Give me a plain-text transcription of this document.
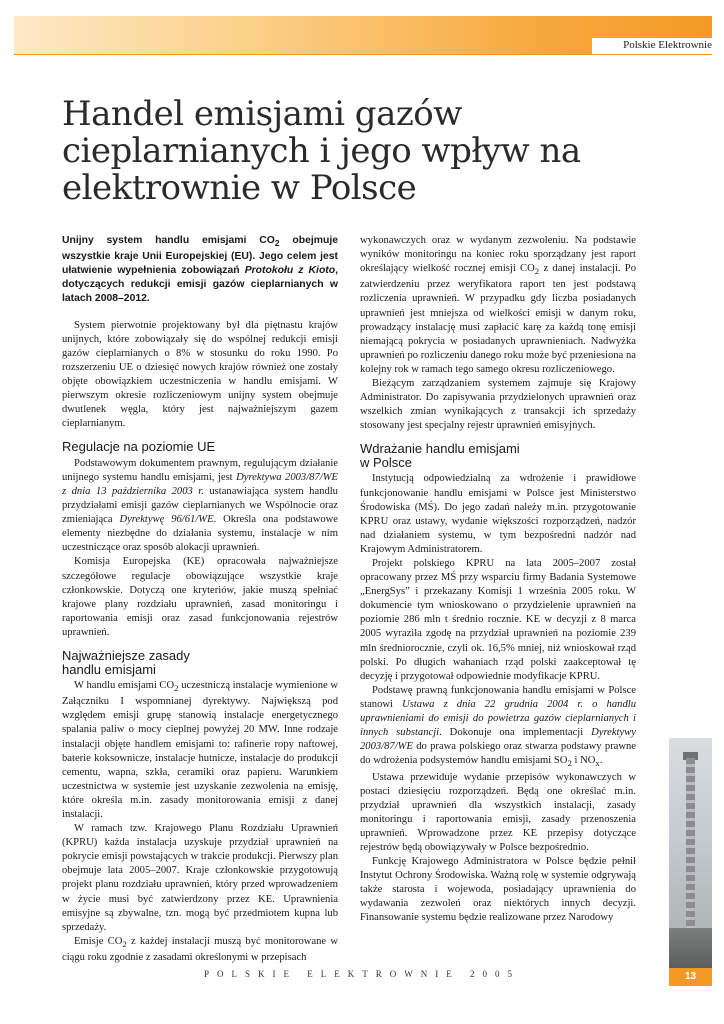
Polskie Elektrownie
Handel emisjami gazów cieplarnianych i jego wpływ na elektrownie w Polsce
Unijny system handlu emisjami $CO_2$ obejmuje wszystkie kraje Unii Europejskiej (EU). Jego celem jest ułatwienie wypełnienia zobowiązań Protokołu z Kioto, dotyczących redukcji emisji gazów cieplarnianych w latach 2008–2012.

System pierwotnie projektowany był dla piętnastu krajów unijnych, które zobowiązały się do wspólnej redukcji emisji gazów cieplarnianych o 8% w stosunku do roku 1990. Po rozszerzeniu UE o dziesięć nowych krajów również one zostały objęte obowiązkiem uczestniczenia w handlu emisjami. W pierwszym okresie rozliczeniowym unijny system obejmuje dwutlenek węgla, który jest najważniejszym gazem cieplarnianym.

Regulacje na poziomie UE

Podstawowym dokumentem prawnym, regulującym działanie unijnego systemu handlu emisjami, jest Dyrektywa 2003/87/WE z dnia 13 października 2003 r. ustanawiająca system handlu przydziałami emisji gazów cieplarnianych we Wspólnocie oraz zmieniająca Dyrektywę 96/61/WE. Określa ona podstawowe elementy niezbędne do działania systemu, instalacje w nim uczestniczące oraz sposób alokacji uprawnień.

Komisja Europejska (KE) opracowała najważniejsze szczegółowe regulacje obowiązujące wszystkie kraje członkowskie. Dotyczą one kryteriów, jakie muszą spełniać krajowe plany rozdziału uprawnień, zasad monitoringu i raportowania emisji oraz zasad funkcjonowania rejestrów uprawnień.

Najważniejsze zasady
handlu emisjami

W handlu emisjami $CO_2$ uczestniczą instalacje wymienione w Załączniku I wspomnianej dyrektywy. Największą pod względem emisji grupę stanowią instalacje energetycznego spalania paliw o mocy cieplnej powyżej 20 MW. Inne rodzaje instalacji objęte handlem emisjami to: rafinerie ropy naftowej, baterie koksownicze, instalacje hutnicze, instalacje do produkcji cementu, wapna, szkła, ceramiki oraz papieru. Warunkiem uczestnictwa w systemie jest uzyskanie zezwolenia na emisję, które określa m.in. zasady monitorowania emisji z danej instalacji.

W ramach tzw. Krajowego Planu Rozdziału Uprawnień (KPRU) każda instalacja uzyskuje przydział uprawnień na pokrycie emisji powstających w trakcie produkcji. Pierwszy plan obejmuje lata 2005–2007. Kraje członkowskie przygotowują projekt planu rozdziału uprawnień, który przed wprowadzeniem w życie musi być zatwierdzony przez KE. Uprawnienia emisyjne są zbywalne, tzn. mogą być przedmiotem kupna lub sprzedaży.

Emisje $CO_2$ z każdej instalacji muszą być monitorowane w ciągu roku zgodnie z zasadami określonymi w przepisach

wykonawczych oraz w wydanym zezwoleniu. Na podstawie wyników monitoringu na koniec roku sporządzany jest raport określający wielkość rocznej emisji $CO_2$ z danej instalacji. Po zatwierdzeniu przez weryfikatora raport ten jest podstawą rozliczenia uprawnień. W przypadku gdy liczba posiadanych uprawnień jest mniejsza od wielkości emisji w danym roku, prowadzący instalację musi zapłacić karę za każdą tonę emisji niemającą pokrycia w posiadanych uprawnieniach. Nadwyżka uprawnień po rozliczeniu danego roku może być przeniesiona na kolejny rok w ramach tego samego okresu rozliczeniowego.

Bieżącym zarządzaniem systemem zajmuje się Krajowy Administrator. Do zapisywania przydzielonych uprawnień oraz wszelkich zmian wynikających z transakcji ich sprzedaży stosowany jest specjalny rejestr uprawnień emisyjnych.

Wdrażanie handlu emisjami
w Polsce

Instytucją odpowiedzialną za wdrożenie i prawidłowe funkcjonowanie handlu emisjami w Polsce jest Ministerstwo Środowiska (MŚ). Do jego zadań należy m.in. przygotowanie KPRU oraz ustawy, wydanie większości rozporządzeń, nadzór nad działaniem systemu, w tym bezpośredni nadzór nad Krajowym Administratorem.

Projekt polskiego KPRU na lata 2005–2007 został opracowany przez MŚ przy wsparciu firmy Badania Systemowe „EnergSys” i przekazany Komisji 1 września 2005 roku. W dokumencie tym wnioskowano o przydzielenie uprawnień na poziomie 286 mln t średnio rocznie. KE w decyzji z 8 marca 2005 wyraziła zgodę na przydział uprawnień na poziomie 239 mln średniorocznie, czyli ok. 16,5% mniej, niż wnioskował rząd polski. Po długich wahaniach rząd polski zaakceptował tę decyzję i przygotował odpowiednie modyfikacje KPRU.

Podstawę prawną funkcjonowania handlu emisjami w Polsce stanowi Ustawa z dnia 22 grudnia 2004 r. o handlu uprawnieniami do emisji do powietrza gazów cieplarnianych i innych substancji. Dokonuje ona implementacji Dyrektywy 2003/87/WE do prawa polskiego oraz stwarza podstawy prawne do wdrożenia podsystemów handlu emisjami $SO_2$ i $NO_x$.

Ustawa przewiduje wydanie przepisów wykonawczych w postaci dziesięciu rozporządzeń. Będą one określać m.in. przydział uprawnień dla wszystkich instalacji, zasady monitoringu i raportowania emisji, zasady przenoszenia uprawnień. Wprowadzone przez KE przepisy dotyczące rejestrów będą obowiązywały w Polsce bezpośrednio.

Funkcję Krajowego Administratora w Polsce będzie pełnił Instytut Ochrony Środowiska. Ważną rolę w systemie odgrywają także starosta i wojewoda, posiadający uprawnienia do wydawania zezwoleń oraz niektórych innych decyzji. Finansowanie systemu będzie realizowane przez Narodowy

POLSKIE ELEKTROWNIE 2005	13
